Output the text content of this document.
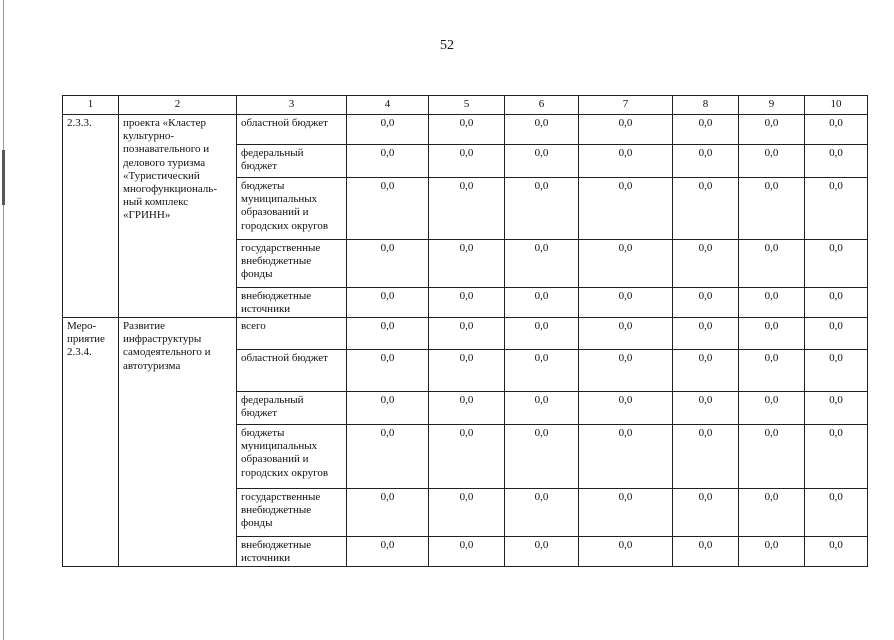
52
1	2	3	4	5	6	7	8	9	10
2.3.3.	проекта «Кластер культурно-познавательного и делового туризма «Туристический многофункциональ-ный комплекс «ГРИНН»	областной бюджет	0,0	0,0	0,0	0,0	0,0	0,0	0,0
		федеральный бюджет	0,0	0,0	0,0	0,0	0,0	0,0	0,0
		бюджеты муниципальных образований и городских округов	0,0	0,0	0,0	0,0	0,0	0,0	0,0
		государственные внебюджетные фонды	0,0	0,0	0,0	0,0	0,0	0,0	0,0
		внебюджетные источники	0,0	0,0	0,0	0,0	0,0	0,0	0,0
Меро-приятие 2.3.4.	Развитие инфраструктуры самодеятельного и автотуризма	всего	0,0	0,0	0,0	0,0	0,0	0,0	0,0
		областной бюджет	0,0	0,0	0,0	0,0	0,0	0,0	0,0
		федеральный бюджет	0,0	0,0	0,0	0,0	0,0	0,0	0,0
		бюджеты муниципальных образований и городских округов	0,0	0,0	0,0	0,0	0,0	0,0	0,0
		государственные внебюджетные фонды	0,0	0,0	0,0	0,0	0,0	0,0	0,0
		внебюджетные источники	0,0	0,0	0,0	0,0	0,0	0,0	0,0
